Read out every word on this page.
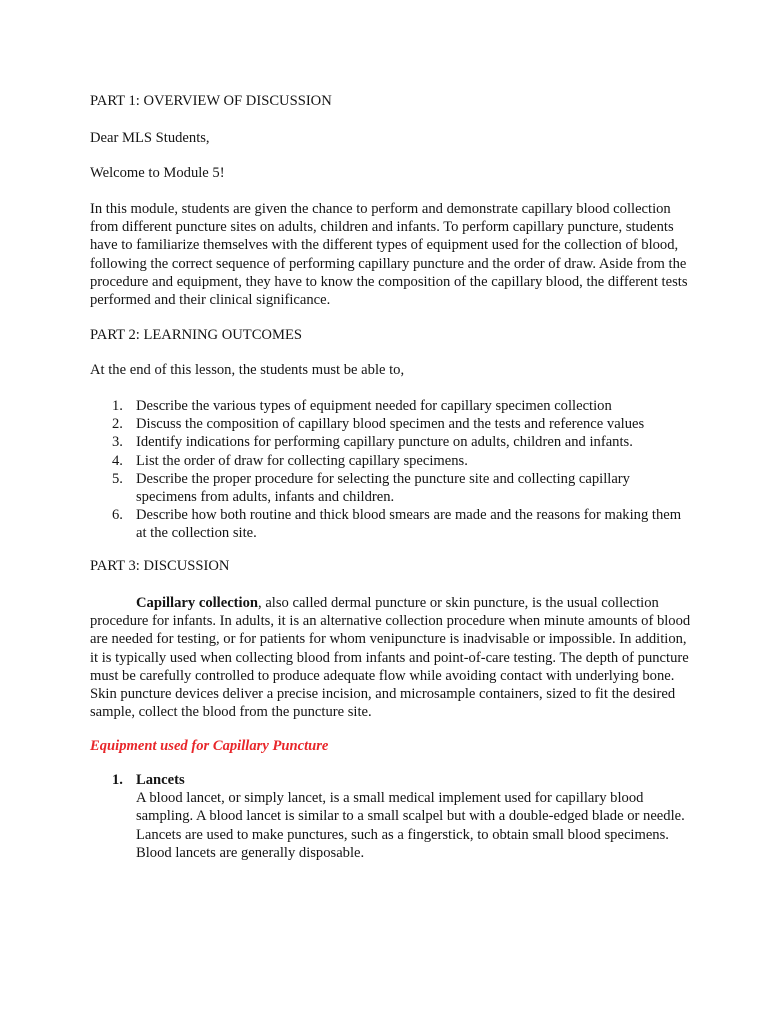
PART 1: OVERVIEW OF DISCUSSION

Dear MLS Students,

Welcome to Module 5!

In this module, students are given the chance to perform and demonstrate capillary blood collection from different puncture sites on adults, children and infants. To perform capillary puncture, students have to familiarize themselves with the different types of equipment used for the collection of blood, following the correct sequence of performing capillary puncture and the order of draw. Aside from the procedure and equipment, they have to know the composition of the capillary blood, the different tests performed and their clinical significance.

PART 2: LEARNING OUTCOMES

At the end of this lesson, the students must be able to,

1. Describe the various types of equipment needed for capillary specimen collection
2. Discuss the composition of capillary blood specimen and the tests and reference values
3. Identify indications for performing capillary puncture on adults, children and infants.
4. List the order of draw for collecting capillary specimens.
5. Describe the proper procedure for selecting the puncture site and collecting capillary specimens from adults, infants and children.
6. Describe how both routine and thick blood smears are made and the reasons for making them at the collection site.

PART 3: DISCUSSION

Capillary collection, also called dermal puncture or skin puncture, is the usual collection procedure for infants. In adults, it is an alternative collection procedure when minute amounts of blood are needed for testing, or for patients for whom venipuncture is inadvisable or impossible. In addition, it is typically used when collecting blood from infants and point-of-care testing. The depth of puncture must be carefully controlled to produce adequate flow while avoiding contact with underlying bone. Skin puncture devices deliver a precise incision, and microsample containers, sized to fit the desired sample, collect the blood from the puncture site.

Equipment used for Capillary Puncture

1. Lancets
A blood lancet, or simply lancet, is a small medical implement used for capillary blood sampling. A blood lancet is similar to a small scalpel but with a double-edged blade or needle. Lancets are used to make punctures, such as a fingerstick, to obtain small blood specimens. Blood lancets are generally disposable.
